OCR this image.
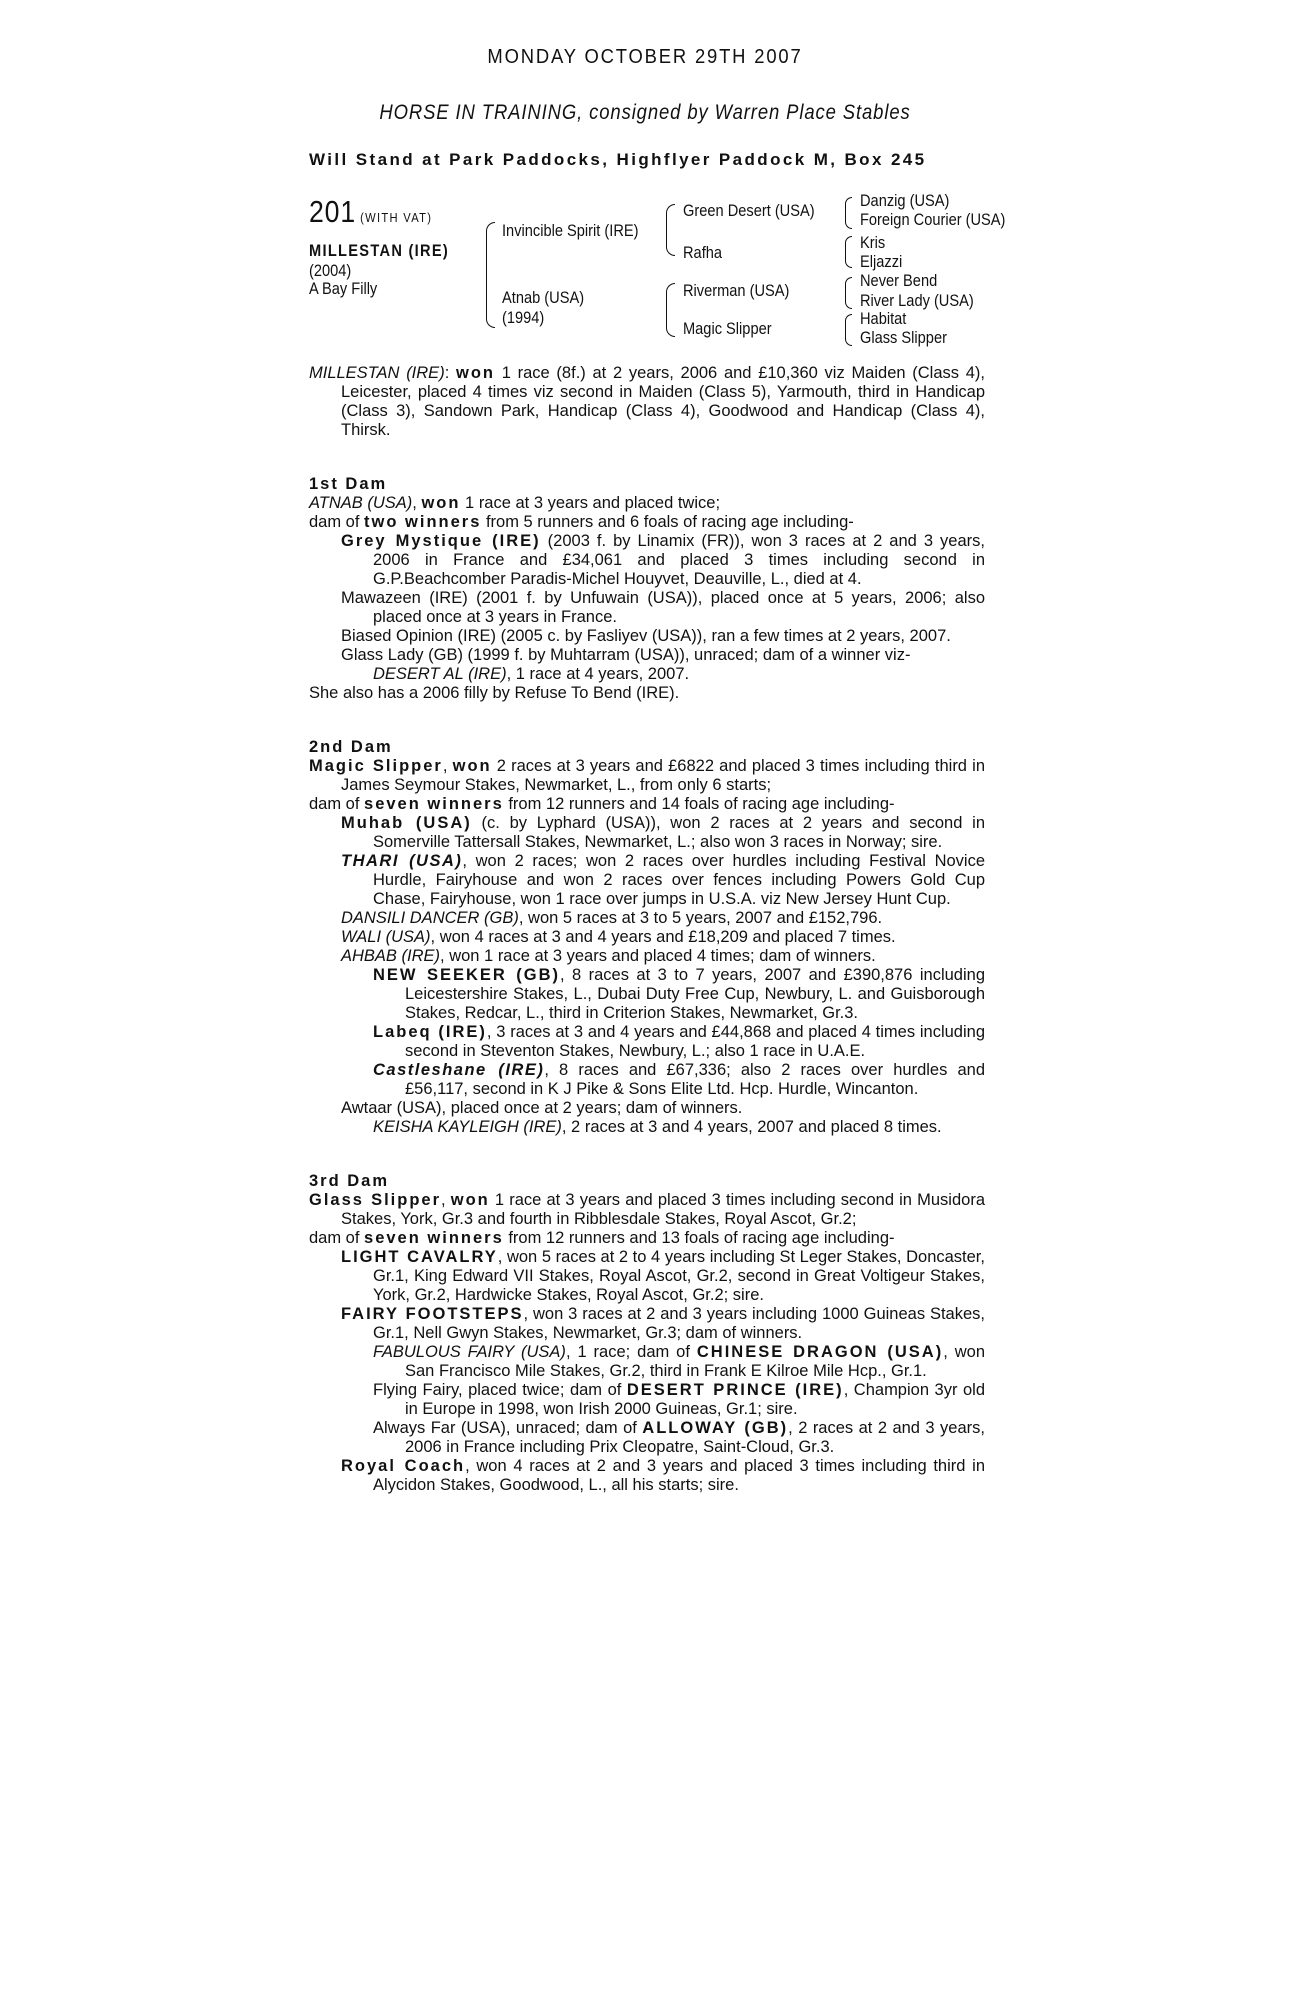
MONDAY OCTOBER 29TH 2007
HORSE IN TRAINING, consigned by Warren Place Stables
Will Stand at Park Paddocks, Highflyer Paddock M, Box 245
201 (WITH VAT)
MILLESTAN (IRE)
(2004)
A Bay Filly
Invincible Spirit (IRE)
Atnab (USA)
(1994)
Green Desert (USA)
Rafha
Riverman (USA)
Magic Slipper
Danzig (USA)
Foreign Courier (USA)
Kris
Eljazzi
Never Bend
River Lady (USA)
Habitat
Glass Slipper

MILLESTAN (IRE): won 1 race (8f.) at 2 years, 2006 and £10,360 viz Maiden (Class 4), Leicester, placed 4 times viz second in Maiden (Class 5), Yarmouth, third in Handicap (Class 3), Sandown Park, Handicap (Class 4), Goodwood and Handicap (Class 4), Thirsk.

1st Dam

ATNAB (USA), won 1 race at 3 years and placed twice;

dam of two winners from 5 runners and 6 foals of racing age including-

Grey Mystique (IRE) (2003 f. by Linamix (FR)), won 3 races at 2 and 3 years, 2006 in France and £34,061 and placed 3 times including second in G.P.Beachcomber Paradis-Michel Houyvet, Deauville, L., died at 4.

Mawazeen (IRE) (2001 f. by Unfuwain (USA)), placed once at 5 years, 2006; also placed once at 3 years in France.

Biased Opinion (IRE) (2005 c. by Fasliyev (USA)), ran a few times at 2 years, 2007.

Glass Lady (GB) (1999 f. by Muhtarram (USA)), unraced; dam of a winner viz-

DESERT AL (IRE), 1 race at 4 years, 2007.

She also has a 2006 filly by Refuse To Bend (IRE).

2nd Dam

Magic Slipper, won 2 races at 3 years and £6822 and placed 3 times including third in James Seymour Stakes, Newmarket, L., from only 6 starts;

dam of seven winners from 12 runners and 14 foals of racing age including-

Muhab (USA) (c. by Lyphard (USA)), won 2 races at 2 years and second in Somerville Tattersall Stakes, Newmarket, L.; also won 3 races in Norway; sire.

THARI (USA), won 2 races; won 2 races over hurdles including Festival Novice Hurdle, Fairyhouse and won 2 races over fences including Powers Gold Cup Chase, Fairyhouse, won 1 race over jumps in U.S.A. viz New Jersey Hunt Cup.

DANSILI DANCER (GB), won 5 races at 3 to 5 years, 2007 and £152,796.

WALI (USA), won 4 races at 3 and 4 years and £18,209 and placed 7 times.

AHBAB (IRE), won 1 race at 3 years and placed 4 times; dam of winners.

NEW SEEKER (GB), 8 races at 3 to 7 years, 2007 and £390,876 including Leicestershire Stakes, L., Dubai Duty Free Cup, Newbury, L. and Guisborough Stakes, Redcar, L., third in Criterion Stakes, Newmarket, Gr.3.

Labeq (IRE), 3 races at 3 and 4 years and £44,868 and placed 4 times including second in Steventon Stakes, Newbury, L.; also 1 race in U.A.E.

Castleshane (IRE), 8 races and £67,336; also 2 races over hurdles and £56,117, second in K J Pike & Sons Elite Ltd. Hcp. Hurdle, Wincanton.

Awtaar (USA), placed once at 2 years; dam of winners.

KEISHA KAYLEIGH (IRE), 2 races at 3 and 4 years, 2007 and placed 8 times.

3rd Dam

Glass Slipper, won 1 race at 3 years and placed 3 times including second in Musidora Stakes, York, Gr.3 and fourth in Ribblesdale Stakes, Royal Ascot, Gr.2;

dam of seven winners from 12 runners and 13 foals of racing age including-

LIGHT CAVALRY, won 5 races at 2 to 4 years including St Leger Stakes, Doncaster, Gr.1, King Edward VII Stakes, Royal Ascot, Gr.2, second in Great Voltigeur Stakes, York, Gr.2, Hardwicke Stakes, Royal Ascot, Gr.2; sire.

FAIRY FOOTSTEPS, won 3 races at 2 and 3 years including 1000 Guineas Stakes, Gr.1, Nell Gwyn Stakes, Newmarket, Gr.3; dam of winners.

FABULOUS FAIRY (USA), 1 race; dam of CHINESE DRAGON (USA), won San Francisco Mile Stakes, Gr.2, third in Frank E Kilroe Mile Hcp., Gr.1.

Flying Fairy, placed twice; dam of DESERT PRINCE (IRE), Champion 3yr old in Europe in 1998, won Irish 2000 Guineas, Gr.1; sire.

Always Far (USA), unraced; dam of ALLOWAY (GB), 2 races at 2 and 3 years, 2006 in France including Prix Cleopatre, Saint-Cloud, Gr.3.

Royal Coach, won 4 races at 2 and 3 years and placed 3 times including third in Alycidon Stakes, Goodwood, L., all his starts; sire.
